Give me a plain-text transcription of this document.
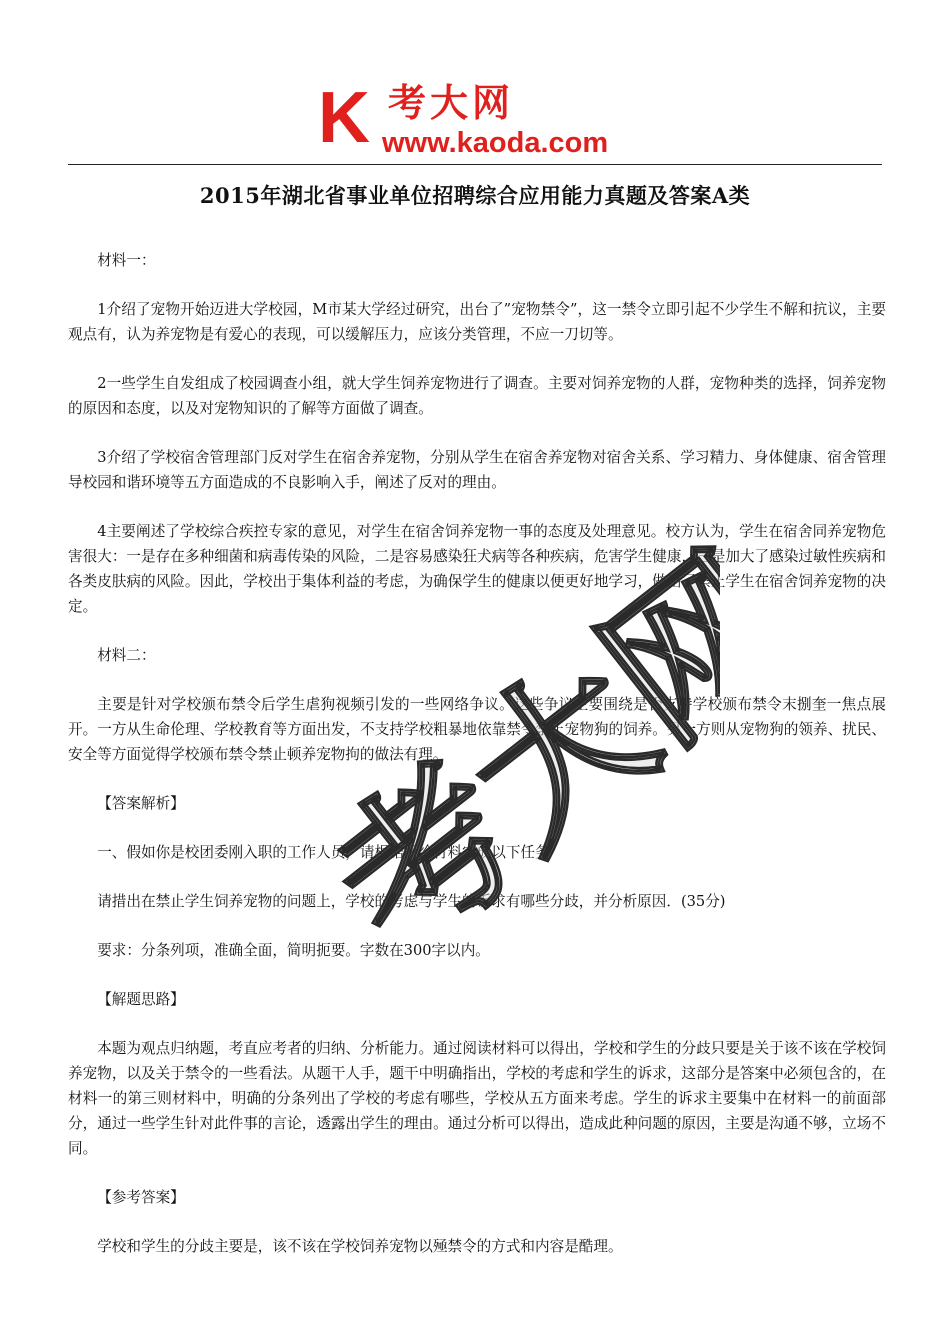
K 考大网
www.kaoda.com
2015年湖北省事业单位招聘综合应用能力真题及答案A类

材料一：

1介绍了宠物开始迈进大学校园，M市某大学经过研究，出台了”宠物禁令”，这一禁令立即引起不少学生不解和抗议，主要观点有，认为养宠物是有爱心的表现，可以缓解压力，应该分类管理，不应一刀切等。

2一些学生自发组成了校园调查小组，就大学生饲养宠物进行了调查。主要对饲养宠物的人群，宠物种类的选择，饲养宠物的原因和态度，以及对宠物知识的了解等方面做了调查。

3介绍了学校宿舍管理部门反对学生在宿舍养宠物，分别从学生在宿舍养宠物对宿舍关系、学习精力、身体健康、宿舍管理导校园和谐环境等五方面造成的不良影响入手，阐述了反对的理由。

4主要阐述了学校综合疾控专家的意见，对学生在宿舍饲养宠物一事的态度及处理意见。校方认为，学生在宿舍同养宠物危害很大：一是存在多种细菌和病毒传染的风险，二是容易感染狂犬病等各种疾病，危害学生健康，三是加大了感染过敏性疾病和各类皮肤病的风险。因此，学校出于集体利益的考虑，为确保学生的健康以便更好地学习，做出了禁止学生在宿舍饲养宠物的决定。

材料二：

主要是针对学校颁布禁令后学生虐狗视频引发的一些网络争议。这些争议主要围绕是否支持学校颁布禁令末捌奎一焦点展开。一方从生命伦理、学校教育等方面出发，不支持学校粗暴地依靠禁令禁止宠物狗的饲养。另一方则从宠物狗的领养、扰民、安全等方面觉得学校颁布禁令禁止顿养宠物拘的做法有理。

【答案解析】

一、假如你是校团委刚入职的工作人员，请根据所给材料完成以下任务

请措出在禁止学生饲养宠物的问题上，学校的考虑与学生的诉求有哪些分歧，并分析原因．(35分)

要求：分条列项，准确全面，简明扼要。字数在300字以内。

【解题思路】

本题为观点归纳题，考直应考者的归纳、分析能力。通过阅读材料可以得出，学校和学生的分歧只要是关于该不该在学校饲养宠物，以及关于禁令的一些看法。从题干人手，题干中明确指出，学校的考虑和学生的诉求，这部分是答案中必须包含的，在材料一的第三则材料中，明确的分条列出了学校的考虑有哪些，学校从五方面来考虑。学生的诉求主要集中在材料一的前面部分，通过一些学生针对此件事的言论，透露出学生的理由。通过分析可以得出，造成此种问题的原因，主要是沟通不够，立场不同。

【参考答案】

学校和学生的分歧主要是，该不该在学校饲养宠物以殛禁令的方式和内容是酷理。

考大网
